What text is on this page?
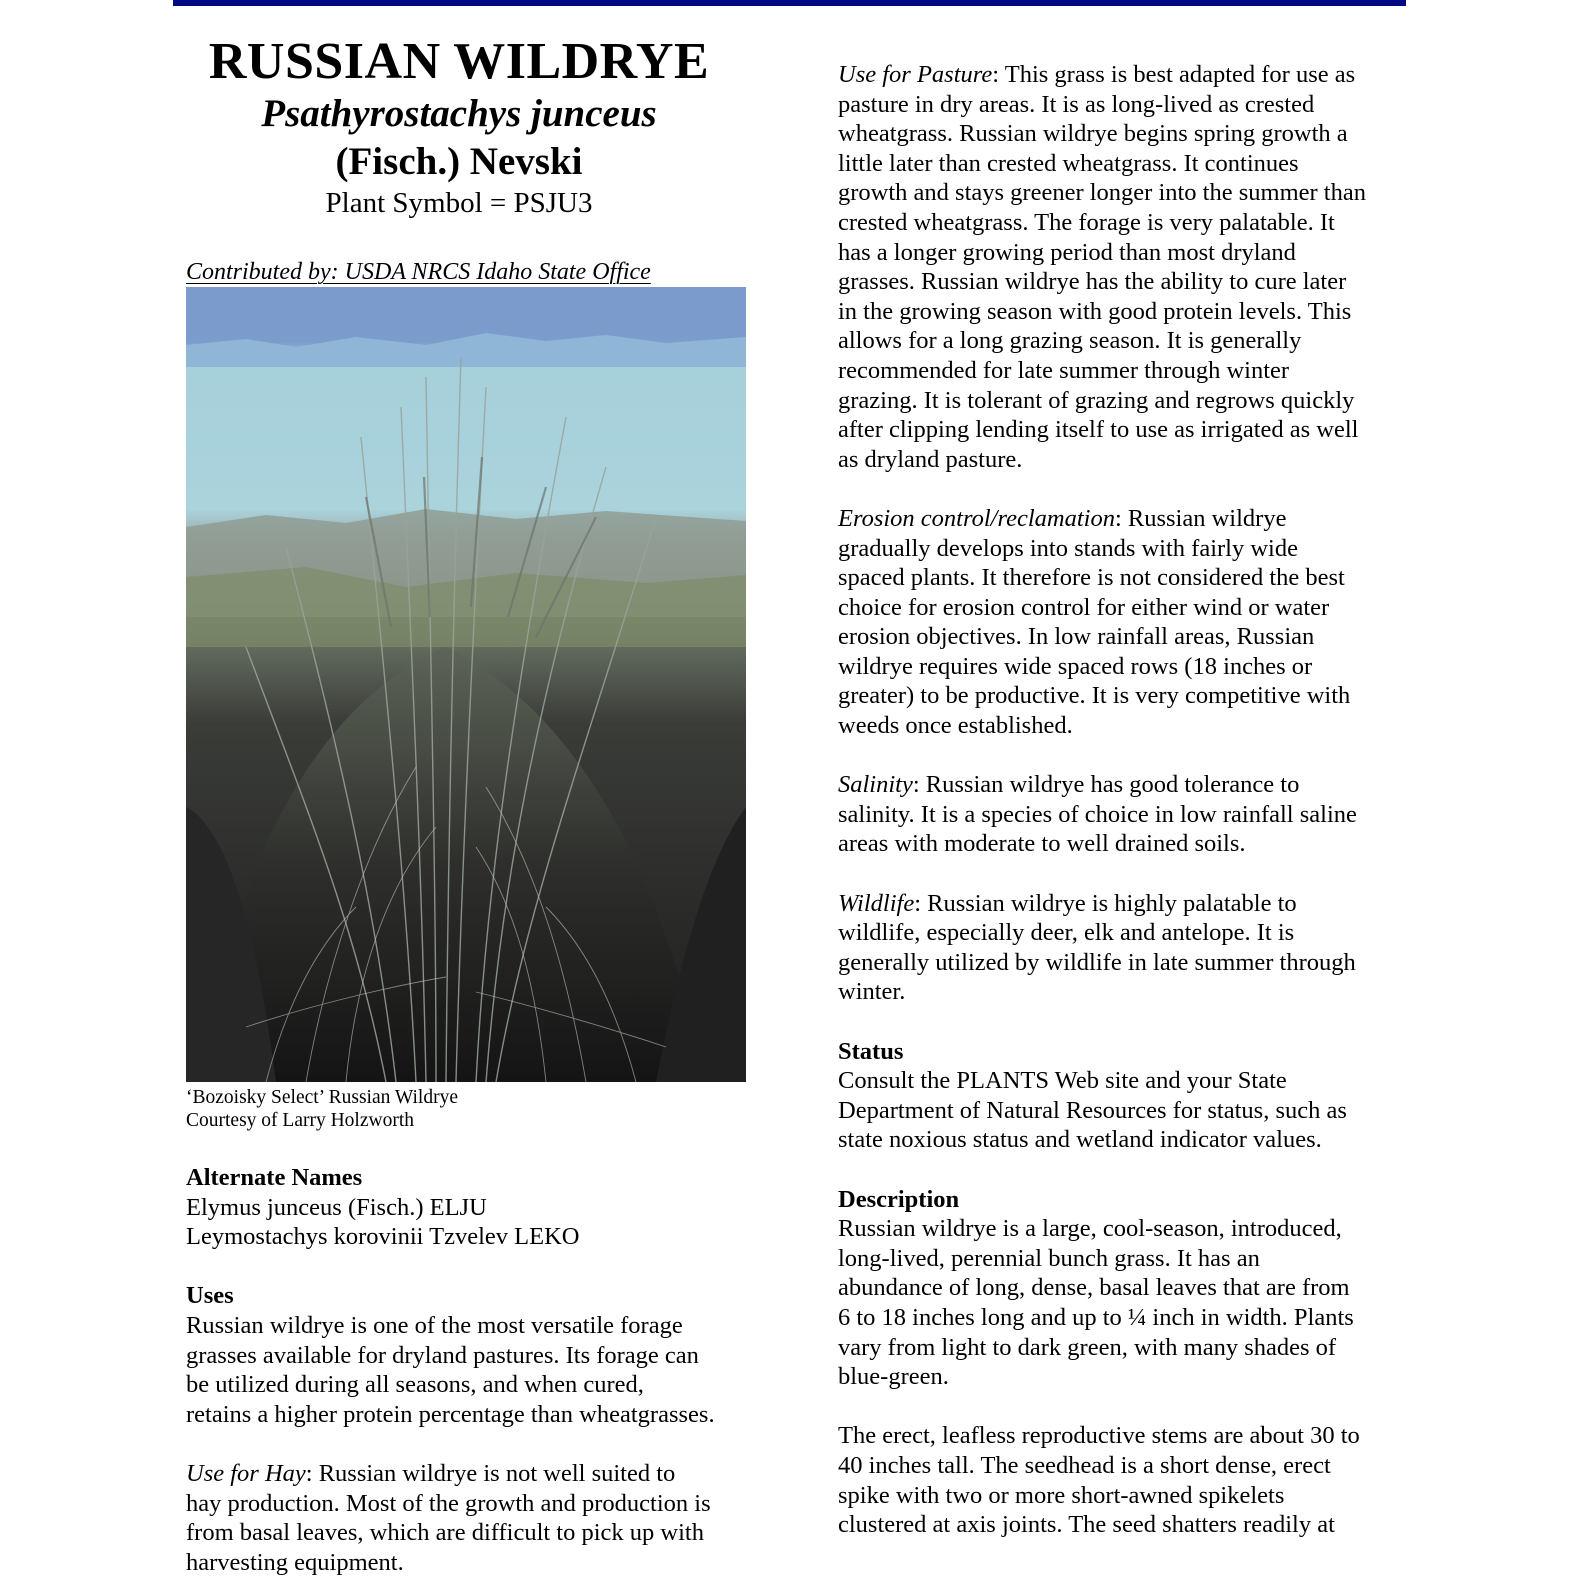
RUSSIAN WILDRYE
Psathyrostachys junceus
(Fisch.) Nevski
Plant Symbol = PSJU3
Contributed by: USDA NRCS Idaho State Office
‘Bozoisky Select’ Russian Wildrye
Courtesy of Larry Holzworth
Alternate Names

Elymus junceus (Fisch.) ELJU

Leymostachys korovinii Tzvelev LEKO

Uses

Russian wildrye is one of the most versatile forage

grasses available for dryland pastures. Its forage can

be utilized during all seasons, and when cured,

retains a higher protein percentage than wheatgrasses.

Use for Hay: Russian wildrye is not well suited to

hay production. Most of the growth and production is

from basal leaves, which are difficult to pick up with

harvesting equipment.

Use for Pasture: This grass is best adapted for use as

pasture in dry areas. It is as long-lived as crested

wheatgrass. Russian wildrye begins spring growth a

little later than crested wheatgrass. It continues

growth and stays greener longer into the summer than

crested wheatgrass. The forage is very palatable. It

has a longer growing period than most dryland

grasses. Russian wildrye has the ability to cure later

in the growing season with good protein levels. This

allows for a long grazing season. It is generally

recommended for late summer through winter

grazing. It is tolerant of grazing and regrows quickly

after clipping lending itself to use as irrigated as well

as dryland pasture.

Erosion control/reclamation: Russian wildrye

gradually develops into stands with fairly wide

spaced plants. It therefore is not considered the best

choice for erosion control for either wind or water

erosion objectives. In low rainfall areas, Russian

wildrye requires wide spaced rows (18 inches or

greater) to be productive. It is very competitive with

weeds once established.

Salinity: Russian wildrye has good tolerance to

salinity. It is a species of choice in low rainfall saline

areas with moderate to well drained soils.

Wildlife: Russian wildrye is highly palatable to

wildlife, especially deer, elk and antelope. It is

generally utilized by wildlife in late summer through

winter.

Status

Consult the PLANTS Web site and your State

Department of Natural Resources for status, such as

state noxious status and wetland indicator values.

Description

Russian wildrye is a large, cool-season, introduced,

long-lived, perennial bunch grass. It has an

abundance of long, dense, basal leaves that are from

6 to 18 inches long and up to ¼ inch in width. Plants

vary from light to dark green, with many shades of

blue-green.

The erect, leafless reproductive stems are about 30 to

40 inches tall. The seedhead is a short dense, erect

spike with two or more short-awned spikelets

clustered at axis joints. The seed shatters readily at
